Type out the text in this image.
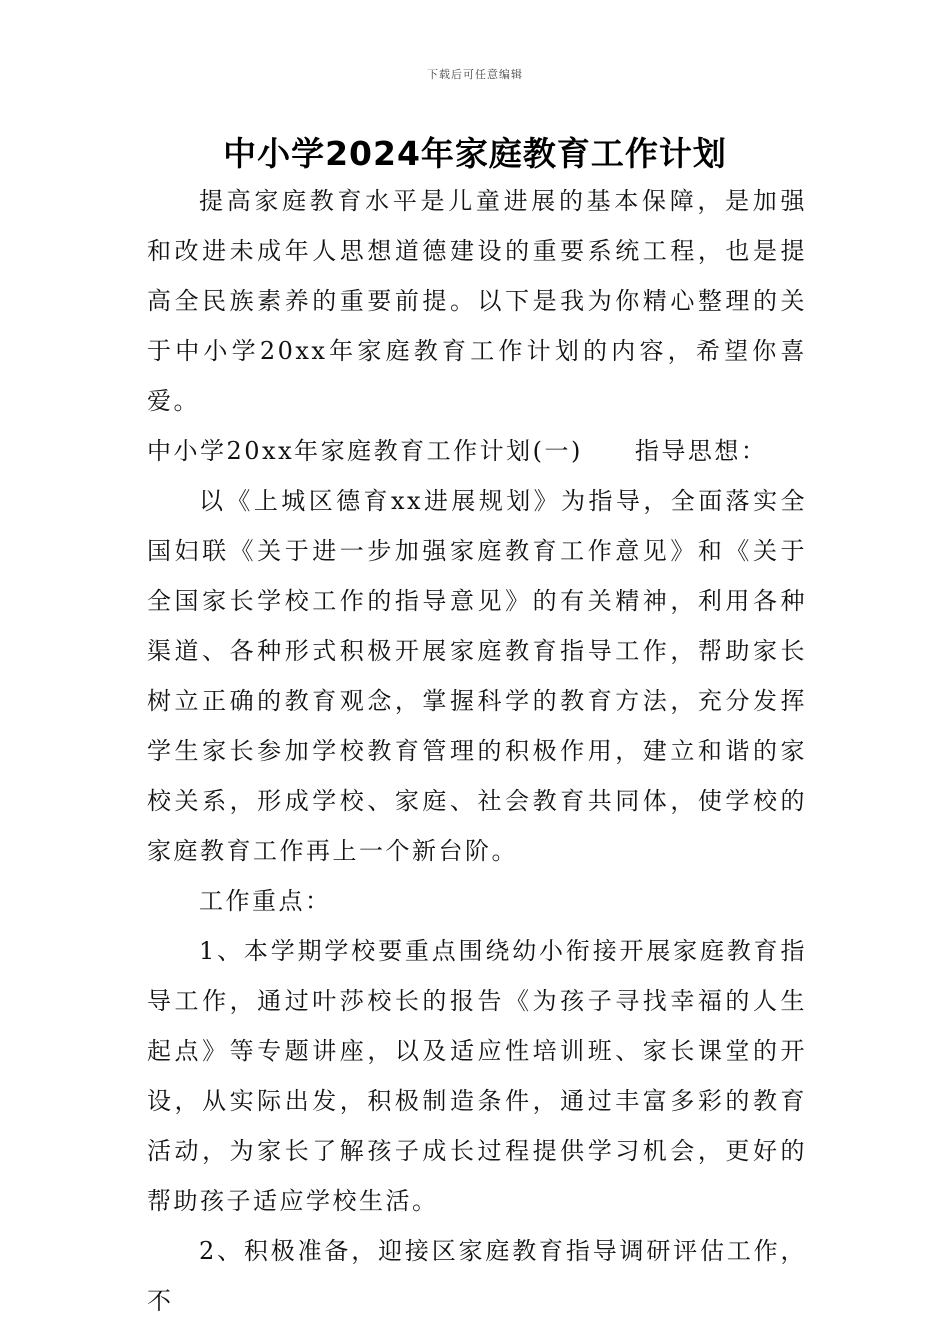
下载后可任意编辑
中小学2024年家庭教育工作计划

提高家庭教育水平是儿童进展的基本保障，是加强和改进未成年人思想道德建设的重要系统工程，也是提高全民族素养的重要前提。以下是我为你精心整理的关于中小学20xx年家庭教育工作计划的内容，希望你喜爱。

中小学20xx年家庭教育工作计划(一) 指导思想：

以《上城区德育xx进展规划》为指导，全面落实全国妇联《关于进一步加强家庭教育工作意见》和《关于全国家长学校工作的指导意见》的有关精神，利用各种渠道、各种形式积极开展家庭教育指导工作，帮助家长树立正确的教育观念，掌握科学的教育方法，充分发挥学生家长参加学校教育管理的积极作用，建立和谐的家校关系，形成学校、家庭、社会教育共同体，使学校的家庭教育工作再上一个新台阶。

工作重点：

1、本学期学校要重点围绕幼小衔接开展家庭教育指导工作，通过叶莎校长的报告《为孩子寻找幸福的人生起点》等专题讲座，以及适应性培训班、家长课堂的开设，从实际出发，积极制造条件，通过丰富多彩的教育活动，为家长了解孩子成长过程提供学习机会，更好的帮助孩子适应学校生活。

2、积极准备，迎接区家庭教育指导调研评估工作，不
